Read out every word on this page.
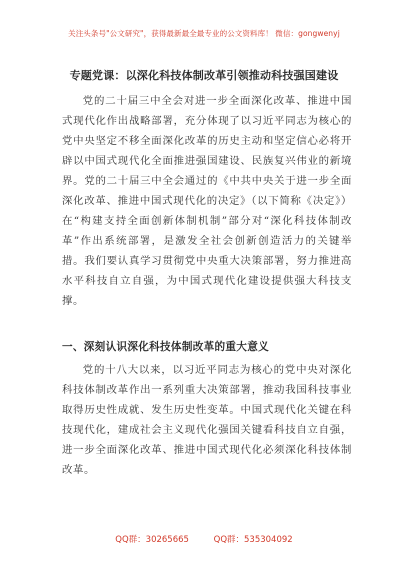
关注头条号"公文研究"，获得最新最全最专业的公文资料库！ 微信：gongwenyj
专题党课：以深化科技体制改革引领推动科技强国建设

党的二十届三中全会对进一步全面深化改革、推进中国式现代化作出战略部署，充分体现了以习近平同志为核心的党中央坚定不移全面深化改革的历史主动和坚定信心必将开辟以中国式现代化全面推进强国建设、民族复兴伟业的新境界。党的二十届三中全会通过的《中共中央关于进一步全面深化改革、推进中国式现代化的决定》（以下简称《决定》）在“构建支持全面创新体制机制”部分对“深化科技体制改革”作出系统部署，是激发全社会创新创造活力的关键举措。我们要认真学习贯彻党中央重大决策部署，努力推进高水平科技自立自强，为中国式现代化建设提供强大科技支撑。

一、深刻认识深化科技体制改革的重大意义

党的十八大以来，以习近平同志为核心的党中央对深化科技体制改革作出一系列重大决策部署，推动我国科技事业取得历史性成就、发生历史性变革。中国式现代化关键在科技现代化，建成社会主义现代化强国关键看科技自立自强，进一步全面深化改革、推进中国式现代化必须深化科技体制改革。

QQ群：30265665	QQ群：535304092
